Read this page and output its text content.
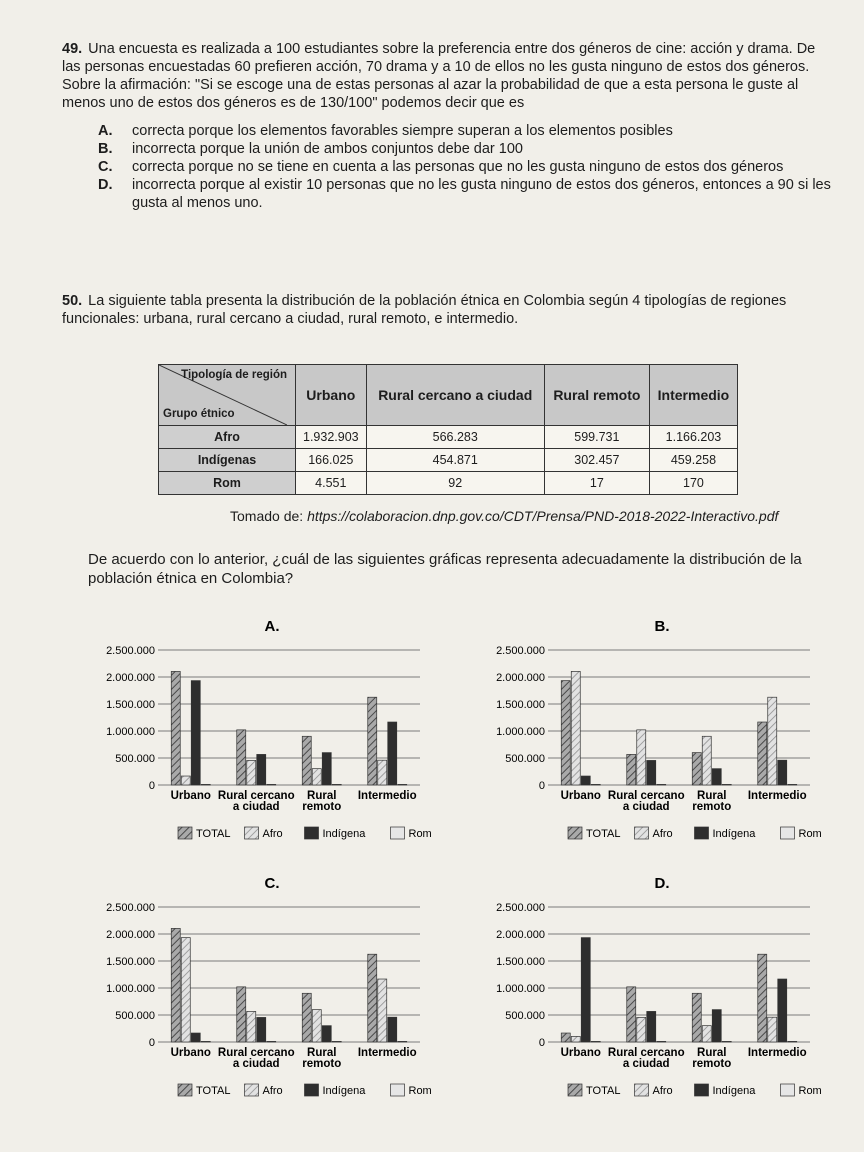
49. Una encuesta es realizada a 100 estudiantes sobre la preferencia entre dos géneros de cine: acción y drama. De las personas encuestadas 60 prefieren acción, 70 drama y a 10 de ellos no les gusta ninguno de estos dos géneros. Sobre la afirmación: "Si se escoge una de estas personas al azar la probabilidad de que a esta persona le guste al menos uno de estos dos géneros es de 130/100" podemos decir que es
A.	correcta porque los elementos favorables siempre superan a los elementos posibles
B.	incorrecta porque la unión de ambos conjuntos debe dar 100
C.	correcta porque no se tiene en cuenta a las personas que no les gusta ninguno de estos dos géneros
D.	incorrecta porque al existir 10 personas que no les gusta ninguno de estos dos géneros, entonces a 90 si les gusta al menos uno.
50. La siguiente tabla presenta la distribución de la población étnica en Colombia según 4 tipologías de regiones funcionales: urbana, rural cercano a ciudad, rural remoto, e intermedio.
Tipología de región
Grupo étnico	Urbano	Rural cercano a ciudad	Rural remoto	Intermedio
Afro	1.932.903	566.283	599.731	1.166.203
Indígenas	166.025	454.871	302.457	459.258
Rom	4.551	92	17	170
Tomado de: https://colaboracion.dnp.gov.co/CDT/Prensa/PND-2018-2022-Interactivo.pdf
De acuerdo con lo anterior, ¿cuál de las siguientes gráficas representa adecuadamente la distribución de la población étnica en Colombia?
A.
0
500.000
1.000.000
1.500.000
2.000.000
2.500.000
Urbano Rural cercano a ciudad
Rural remoto
Intermedio
TOTAL	Afro	Indígena	Rom
B.
0
500.000
1.000.000
1.500.000
2.000.000
2.500.000
Urbano Rural cercano a ciudad
Rural remoto
Intermedio
TOTAL	Afro	Indígena	Rom
C.
0
500.000
1.000.000
1.500.000
2.000.000
2.500.000
Urbano Rural cercano a ciudad
Rural remoto
Intermedio
TOTAL	Afro	Indígena	Rom
D.
0
500.000
1.000.000
1.500.000
2.000.000
2.500.000
Urbano Rural cercano a ciudad
Rural remoto
Intermedio
TOTAL	Afro	Indígena	Rom
